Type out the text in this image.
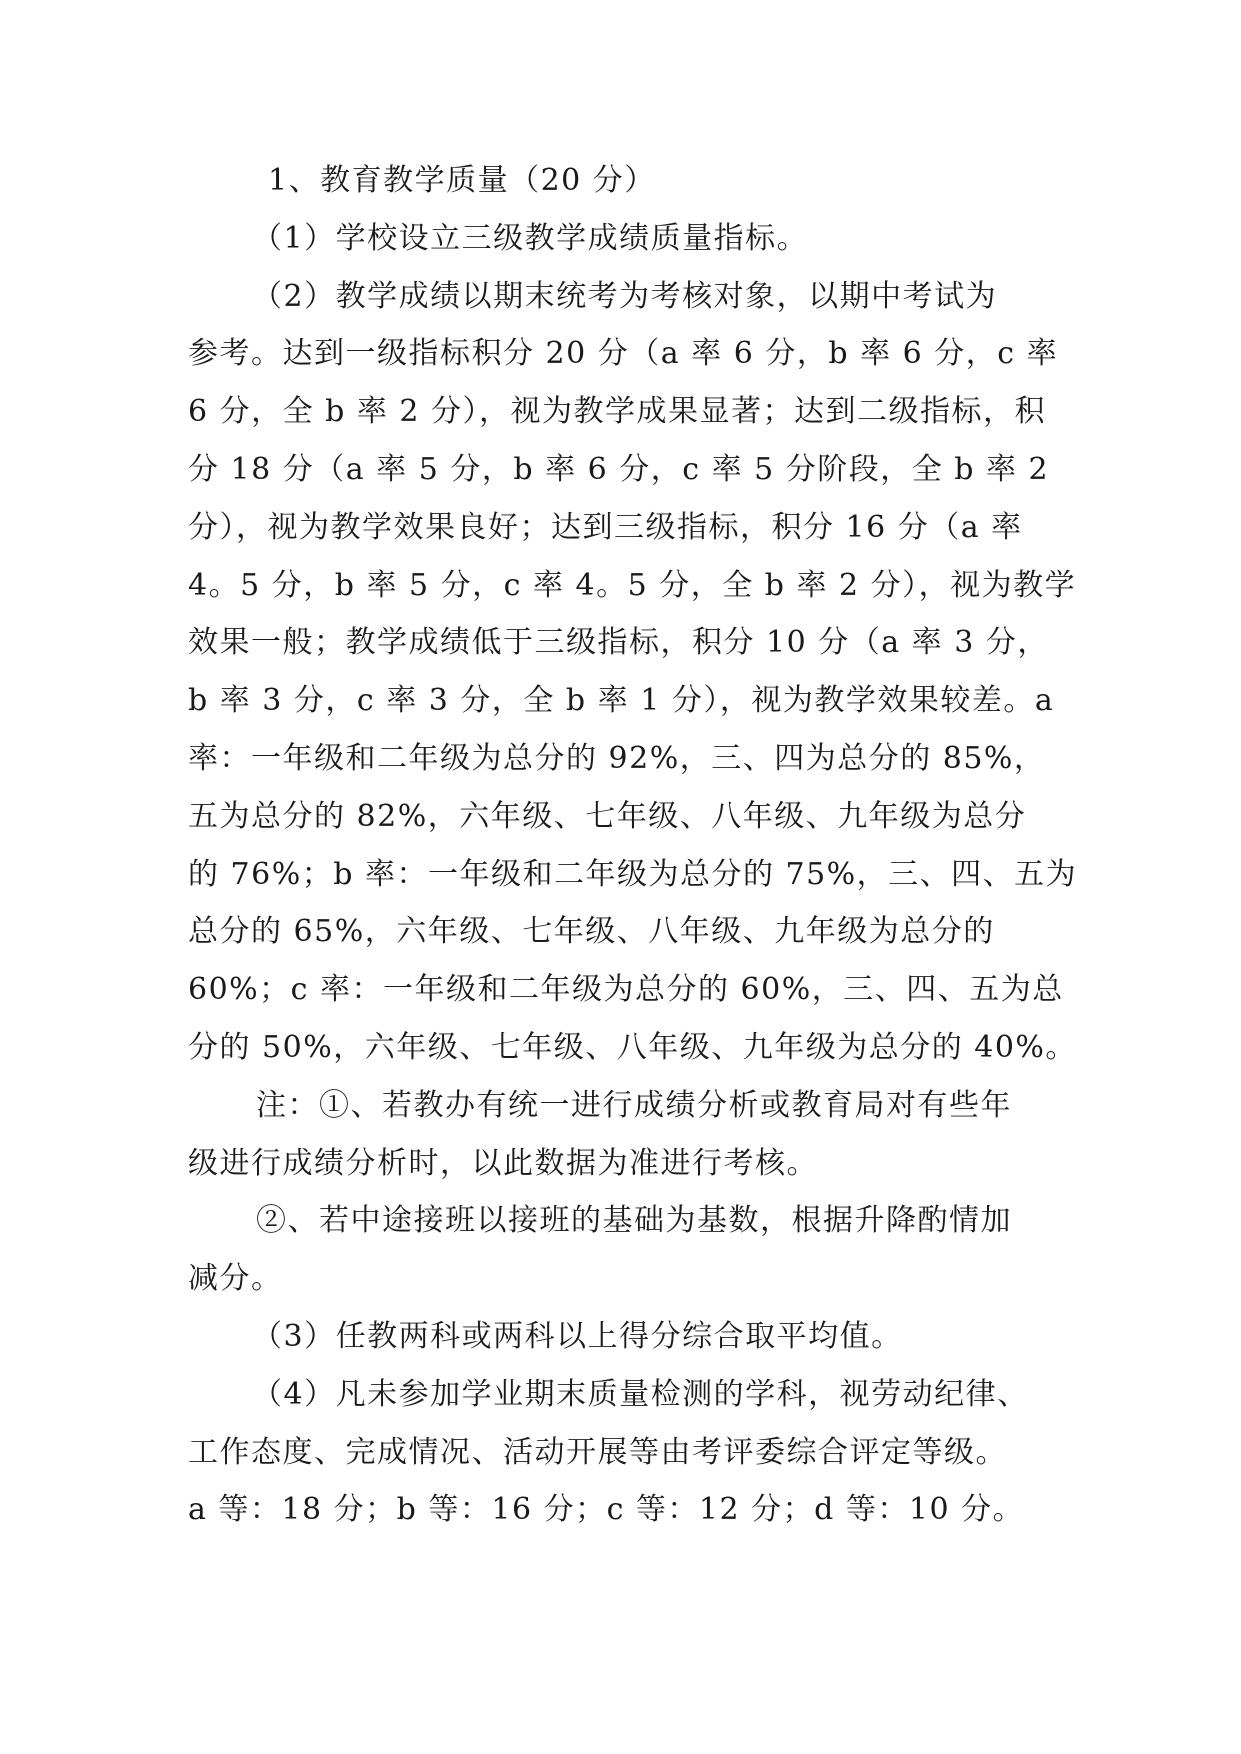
1、教育教学质量（20 分）
（1）学校设立三级教学成绩质量指标。
（2）教学成绩以期末统考为考核对象，以期中考试为
参考。达到一级指标积分 20 分（a 率 6 分，b 率 6 分，c 率
6 分，全 b 率 2 分），视为教学成果显著；达到二级指标，积
分 18 分（a 率 5 分，b 率 6 分，c 率 5 分阶段，全 b 率 2
分），视为教学效果良好；达到三级指标，积分 16 分（a 率
4。5 分，b 率 5 分，c 率 4。5 分，全 b 率 2 分），视为教学
效果一般；教学成绩低于三级指标，积分 10 分（a 率 3 分，
b 率 3 分，c 率 3 分，全 b 率 1 分），视为教学效果较差。a
率：一年级和二年级为总分的 92%，三、四为总分的 85%，
五为总分的 82%，六年级、七年级、八年级、九年级为总分
的 76%；b 率：一年级和二年级为总分的 75%，三、四、五为
总分的 65%，六年级、七年级、八年级、九年级为总分的
60%；c 率：一年级和二年级为总分的 60%，三、四、五为总
分的 50%，六年级、七年级、八年级、九年级为总分的 40%。
注：①、若教办有统一进行成绩分析或教育局对有些年
级进行成绩分析时，以此数据为准进行考核。
②、若中途接班以接班的基础为基数，根据升降酌情加
减分。
（3）任教两科或两科以上得分综合取平均值。
（4）凡未参加学业期末质量检测的学科，视劳动纪律、
工作态度、完成情况、活动开展等由考评委综合评定等级。
a 等：18 分；b 等：16 分；c 等：12 分；d 等：10 分。
